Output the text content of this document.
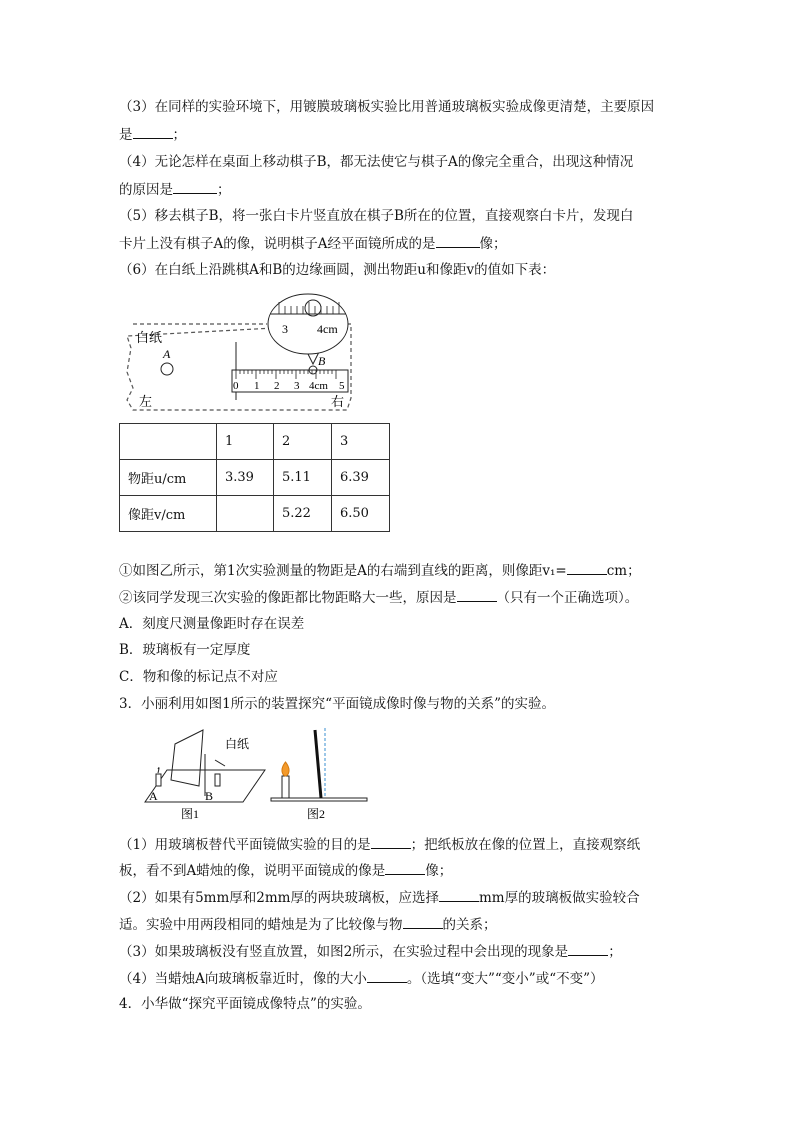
（3）在同样的实验环境下，用镀膜玻璃板实验比用普通玻璃板实验成像更清楚，主要原因
是	；
（4）无论怎样在桌面上移动棋子B，都无法使它与棋子A的像完全重合，出现这种情况
的原因是	；
（5）移去棋子B，将一张白卡片竖直放在棋子B所在的位置，直接观察白卡片，发现白
卡片上没有棋子A的像，说明棋子A经平面镜所成的是	像；
（6）在白纸上沿跳棋A和B的边缘画圆，测出物距u和像距v的值如下表：
白纸
A
0 1 2 3 4cm 5
B
3 4cm
左	右
	1	2	3
物距u/cm	3.39	5.11	6.39
像距v/cm		5.22	6.50
①如图乙所示，第1次实验测量的物距是A的右端到直线的距离，则像距v₁=	cm；
②该同学发现三次实验的像距都比物距略大一些，原因是	（只有一个正确选项）。
A．刻度尺测量像距时存在误差
B．玻璃板有一定厚度
C．物和像的标记点不对应
3．小丽利用如图1所示的装置探究“平面镜成像时像与物的关系”的实验。
白纸
A	B
图1	图2
（1）用玻璃板替代平面镜做实验的目的是	；把纸板放在像的位置上，直接观察纸
板，看不到A蜡烛的像，说明平面镜成的像是	像；
（2）如果有5mm厚和2mm厚的两块玻璃板，应选择	mm厚的玻璃板做实验较合
适。实验中用两段相同的蜡烛是为了比较像与物	的关系；
（3）如果玻璃板没有竖直放置，如图2所示，在实验过程中会出现的现象是	；
（4）当蜡烛A向玻璃板靠近时，像的大小	。（选填“变大”“变小”或“不变”）
4．小华做“探究平面镜成像特点”的实验。
